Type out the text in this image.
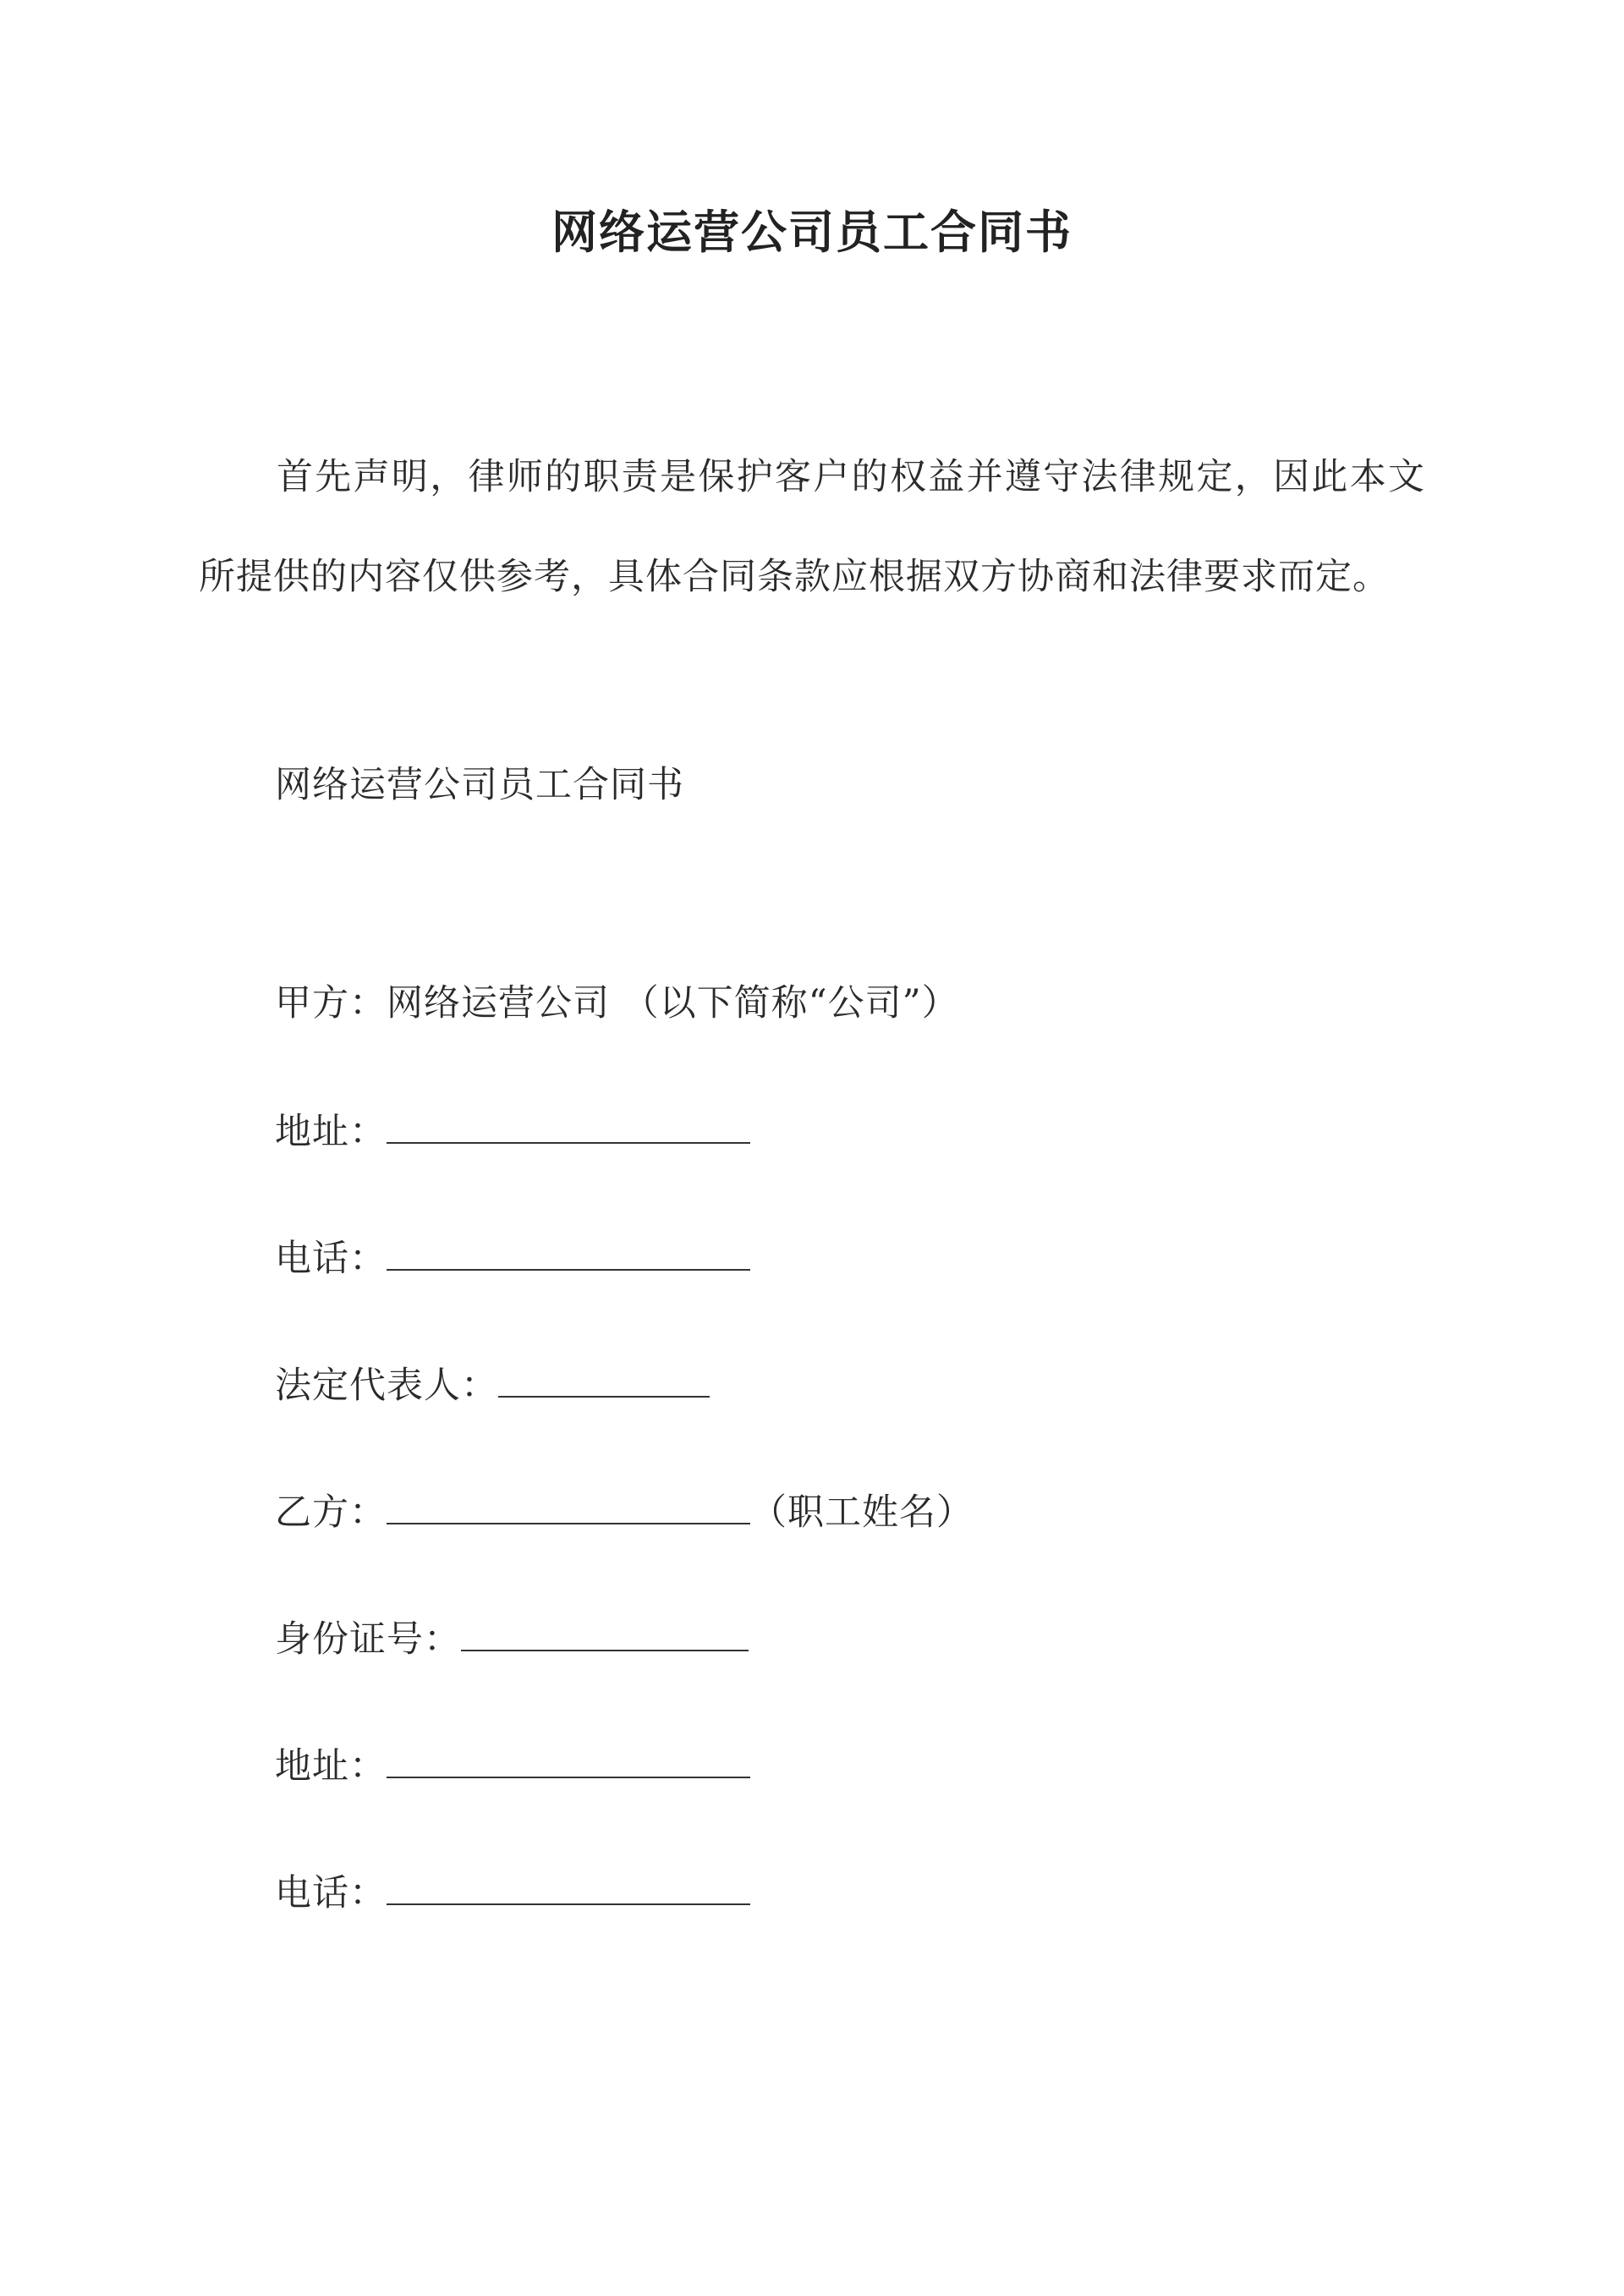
网络运营公司员工合同书
首先声明，律师的职责是保护客户的权益并遵守法律规定，因此本文所提供的内容仅供参考，具体合同条款应根据双方协商和法律要求而定。
网络运营公司员工合同书
甲方：网络运营公司 （以下简称“公司”）
地址：
电话：
法定代表人：
乙方：	（职工姓名）
身份证号：
地址：
电话：
